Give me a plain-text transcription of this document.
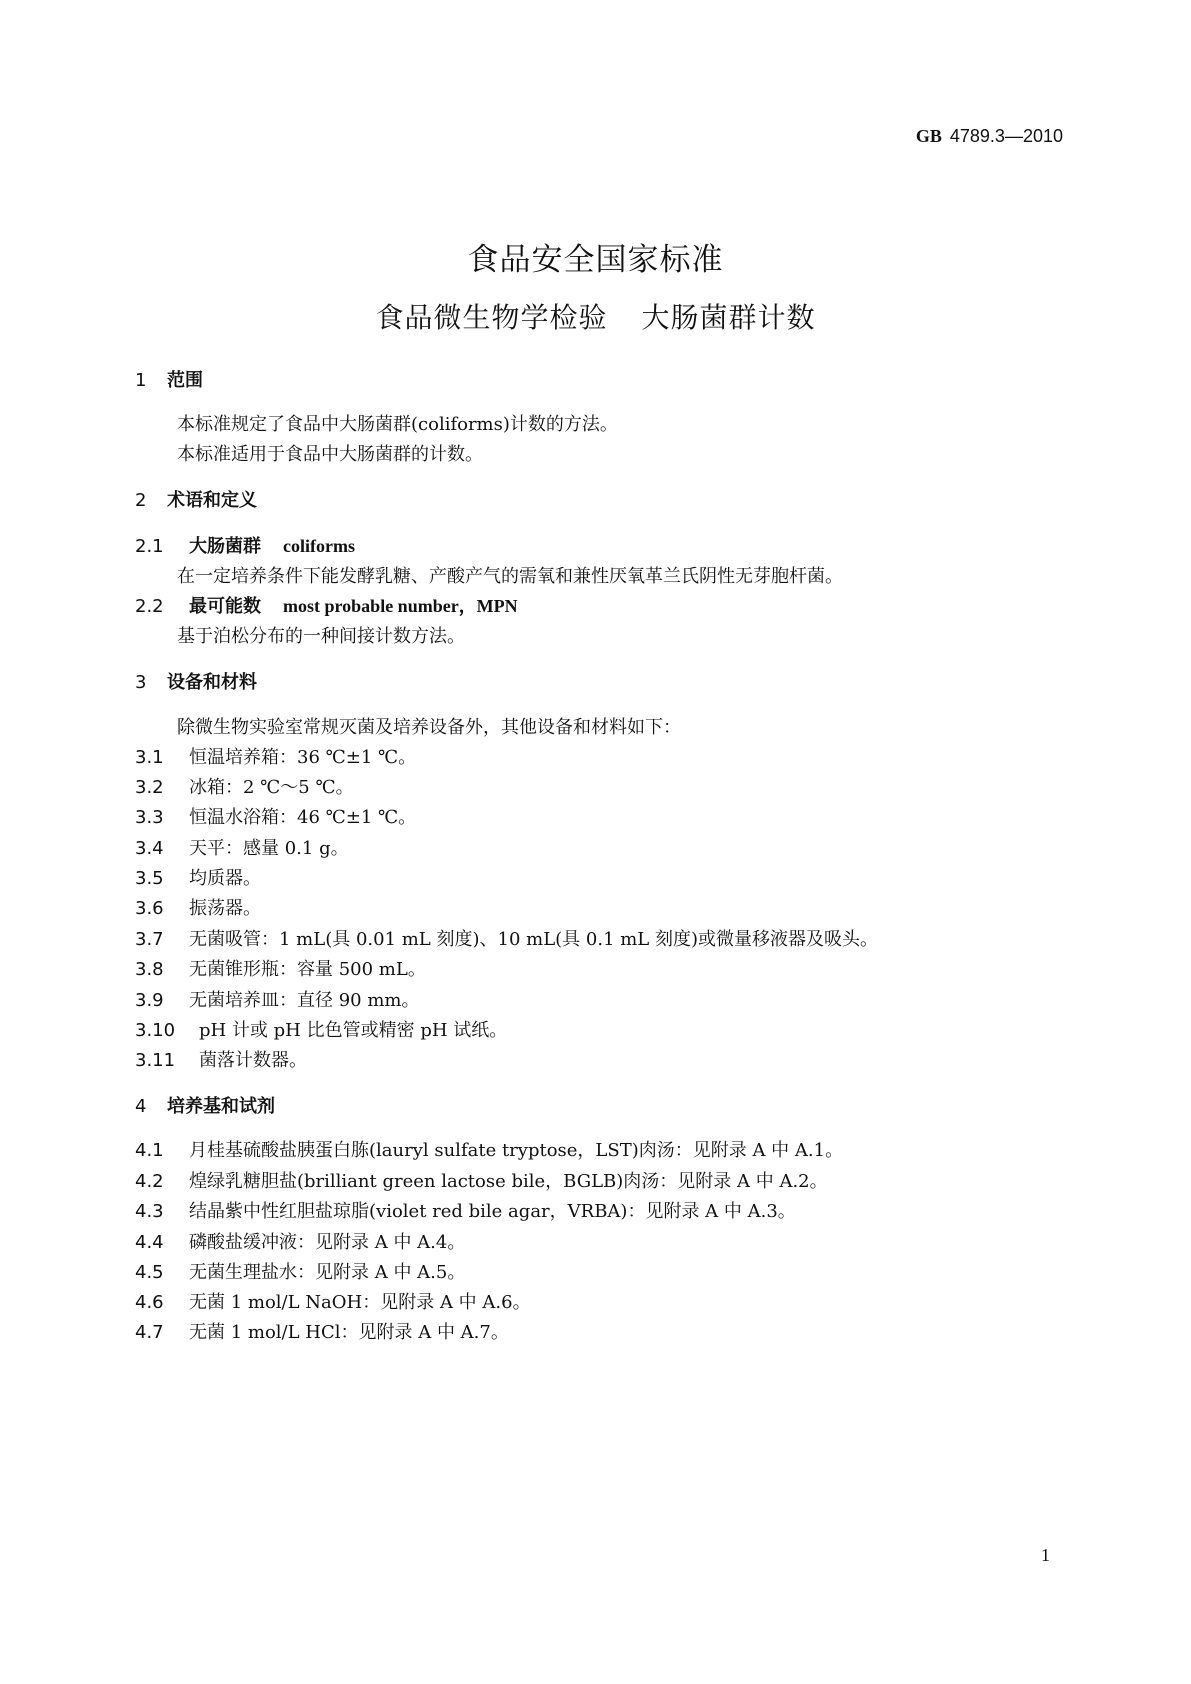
GB 4789.3—2010
食品安全国家标准
食品微生物学检验 大肠菌群计数
1 范围
本标准规定了食品中大肠菌群(coliforms)计数的方法。
本标准适用于食品中大肠菌群的计数。
2 术语和定义
2.1 大肠菌群 coliforms
在一定培养条件下能发酵乳糖、产酸产气的需氧和兼性厌氧革兰氏阴性无芽胞杆菌。
2.2 最可能数 most probable number，MPN
基于泊松分布的一种间接计数方法。
3 设备和材料
除微生物实验室常规灭菌及培养设备外，其他设备和材料如下：
3.1 恒温培养箱：36 ℃±1 ℃。
3.2 冰箱：2 ℃～5 ℃。
3.3 恒温水浴箱：46 ℃±1 ℃。
3.4 天平：感量 0.1 g。
3.5 均质器。
3.6 振荡器。
3.7 无菌吸管：1 mL(具 0.01 mL 刻度)、10 mL(具 0.1 mL 刻度)或微量移液器及吸头。
3.8 无菌锥形瓶：容量 500 mL。
3.9 无菌培养皿：直径 90 mm。
3.10 pH 计或 pH 比色管或精密 pH 试纸。
3.11 菌落计数器。
4 培养基和试剂
4.1 月桂基硫酸盐胰蛋白胨(lauryl sulfate tryptose，LST)肉汤：见附录 A 中 A.1。
4.2 煌绿乳糖胆盐(brilliant green lactose bile，BGLB)肉汤：见附录 A 中 A.2。
4.3 结晶紫中性红胆盐琼脂(violet red bile agar，VRBA)：见附录 A 中 A.3。
4.4 磷酸盐缓冲液：见附录 A 中 A.4。
4.5 无菌生理盐水：见附录 A 中 A.5。
4.6 无菌 1 mol/L NaOH：见附录 A 中 A.6。
4.7 无菌 1 mol/L HCl：见附录 A 中 A.7。
1
